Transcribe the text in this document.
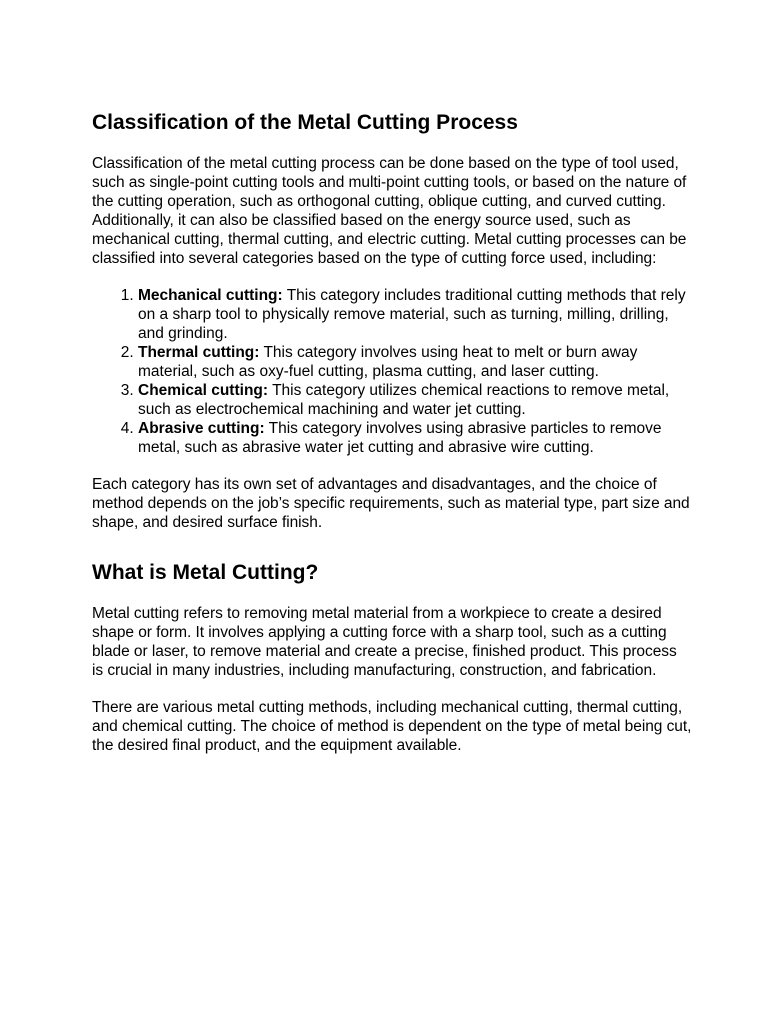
Classification of the Metal Cutting Process

Classification of the metal cutting process can be done based on the type of tool used, such as single-point cutting tools and multi-point cutting tools, or based on the nature of the cutting operation, such as orthogonal cutting, oblique cutting, and curved cutting. Additionally, it can also be classified based on the energy source used, such as mechanical cutting, thermal cutting, and electric cutting. Metal cutting processes can be classified into several categories based on the type of cutting force used, including:

1. Mechanical cutting: This category includes traditional cutting methods that rely on a sharp tool to physically remove material, such as turning, milling, drilling, and grinding.
2. Thermal cutting: This category involves using heat to melt or burn away material, such as oxy-fuel cutting, plasma cutting, and laser cutting.
3. Chemical cutting: This category utilizes chemical reactions to remove metal, such as electrochemical machining and water jet cutting.
4. Abrasive cutting: This category involves using abrasive particles to remove metal, such as abrasive water jet cutting and abrasive wire cutting.

Each category has its own set of advantages and disadvantages, and the choice of method depends on the job’s specific requirements, such as material type, part size and shape, and desired surface finish.

What is Metal Cutting?

Metal cutting refers to removing metal material from a workpiece to create a desired shape or form. It involves applying a cutting force with a sharp tool, such as a cutting blade or laser, to remove material and create a precise, finished product. This process is crucial in many industries, including manufacturing, construction, and fabrication.

There are various metal cutting methods, including mechanical cutting, thermal cutting, and chemical cutting. The choice of method is dependent on the type of metal being cut, the desired final product, and the equipment available.
